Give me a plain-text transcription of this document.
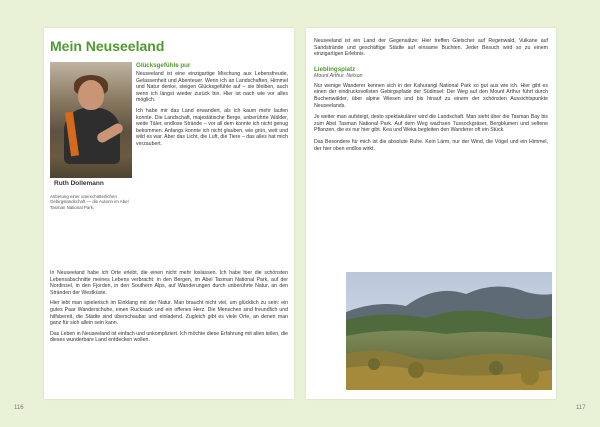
Mein Neuseeland
Ruth Dollemann
Anbetung einer unerschütterlichen Gebirgslandschaft — die Autorin im Abel Tasman National Park.
Glücksgefühle pur

Neuseeland ist eine einzigartige Mischung aus Lebensfreude, Gelassenheit und Abenteuer. Wenn ich an Landschaften, Himmel und Natur denke, steigen Glücksgefühle auf – sie bleiben, auch wenn ich längst wieder zurück bin. Hier ist nach wie vor alles möglich.

Ich habe mir das Land erwandert, als ich kaum mehr laufen konnte. Die Landschaft, majestätische Berge, unberührte Wälder, weite Täler, endlose Strände – vor all dem konnte ich nicht genug bekommen. Anfangs konnte ich nicht glauben, wie grün, weit und wild es war. Aber das Licht, die Luft, die Tiere – das alles hat mich verzaubert.

In Neuseeland habe ich Orte erlebt, die einen nicht mehr loslassen. Ich habe hier die schönsten Lebensabschnitte meines Lebens verbracht: in den Bergen, im Abel Tasman National Park, auf der Nordinsel, in den Fjorden, in den Southern Alps, auf Wanderungen durch unberührte Natur, an den Stränden der Westküste.

Hier lebt man spielerisch im Einklang mit der Natur. Man braucht nicht viel, um glücklich zu sein: ein gutes Paar Wanderschuhe, einen Rucksack und ein offenes Herz. Die Menschen sind freundlich und hilfsbereit, die Städte sind überschaubar und einladend. Zugleich gibt es viele Orte, an denen man ganz für sich allein sein kann.

Das Leben in Neuseeland ist einfach und unkompliziert. Ich möchte diese Erfahrung mit allen teilen, die dieses wunderbare Land entdecken wollen.

116

Neuseeland ist ein Land der Gegensätze: Hier treffen Gletscher auf Regenwald, Vulkane auf Sandstrände und geschäftige Städte auf einsame Buchten. Jeder Besuch wird so zu einem einzigartigen Erlebnis.

Lieblingsplatz

Mount Arthur, Nelson

Nur wenige Wanderer kennen sich in der Kahurangi National Park so gut aus wie ich. Hier gibt es einen der eindrucksvollsten Gebirgspfade der Südinsel: Der Weg auf den Mount Arthur führt durch Buchenwälder, über alpine Wiesen und bis hinauf zu einem der schönsten Aussichtspunkte Neuseelands.

Je weiter man aufsteigt, desto spektakulärer wird die Landschaft. Man sieht über die Tasman Bay bis zum Abel Tasman National Park. Auf dem Weg wachsen Tussockgräser, Bergblumen und seltene Pflanzen, die es nur hier gibt. Kea und Weka begleiten den Wanderer oft ein Stück.

Das Besondere für mich ist die absolute Ruhe. Kein Lärm, nur der Wind, die Vögel und ein Himmel, der hier oben endlos wirkt.

117
